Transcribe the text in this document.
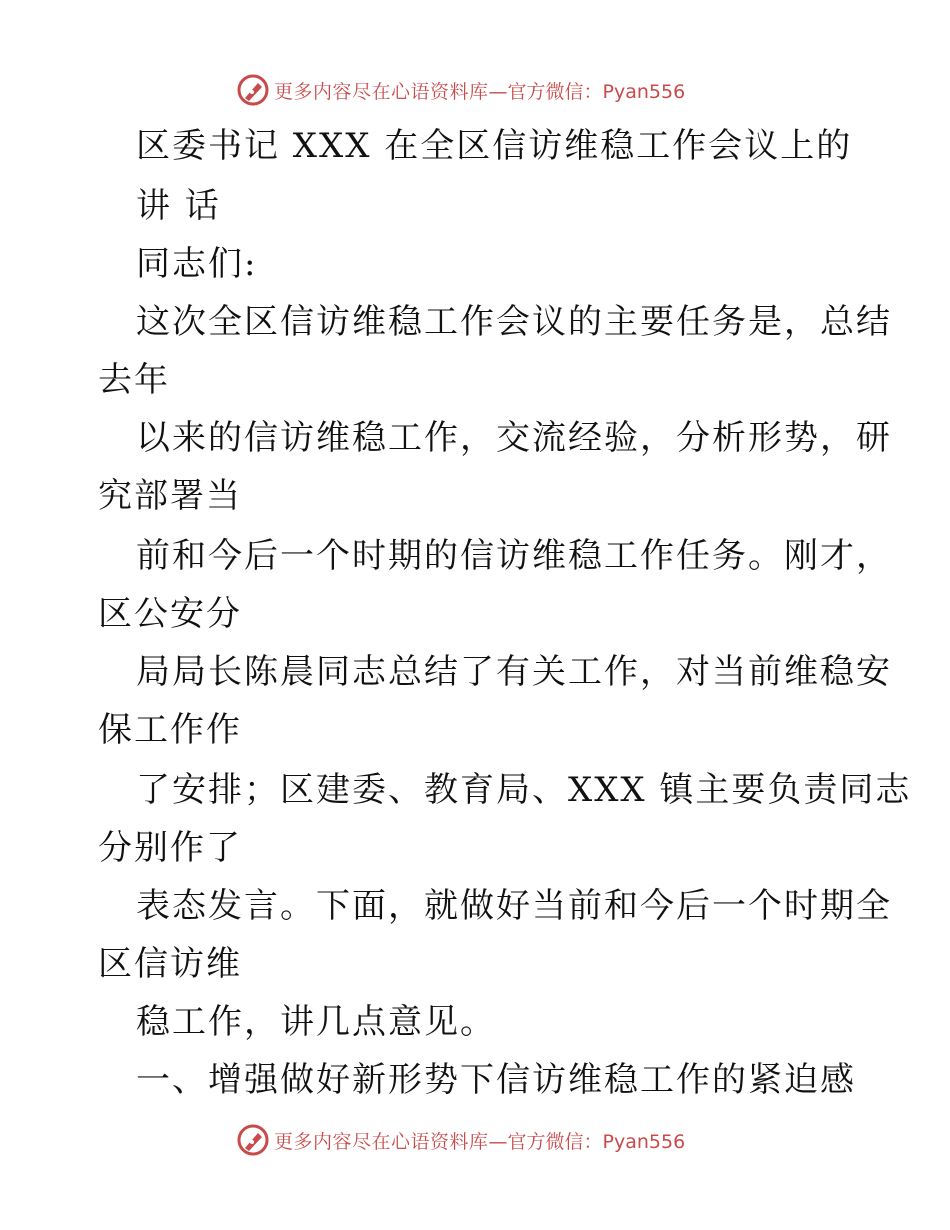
更多内容尽在心语资料库 —官方微信：Pyan556
区委书记 XXX 在全区信访维稳工作会议上的
讲 话
同志们:
这次全区信访维稳工作会议的主要任务是，总结
去年
以来的信访维稳工作，交流经验，分析形势，研
究部署当
前和今后一个时期的信访维稳工作任务。刚才，
区公安分
局局长陈晨同志总结了有关工作，对当前维稳安
保工作作
了安排；区建委、教育局、XXX 镇主要负责同志
分别作了
表态发言。下面，就做好当前和今后一个时期全
区信访维
稳工作，讲几点意见。
一、增强做好新形势下信访维稳工作的紧迫感
更多内容尽在心语资料库 —官方微信：Pyan556
